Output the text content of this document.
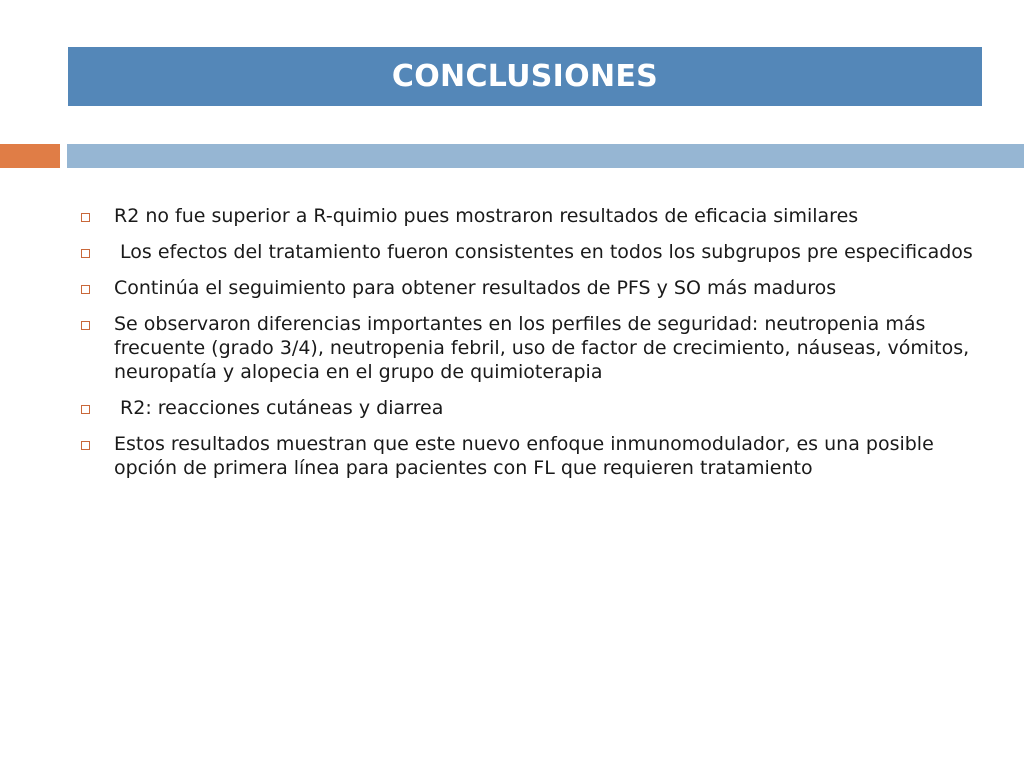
CONCLUSIONES
R2 no fue superior a R-quimio pues mostraron resultados de eficacia similares
Los efectos del tratamiento fueron consistentes en todos los subgrupos pre especificados
Continúa el seguimiento para obtener resultados de PFS y SO más maduros
Se observaron diferencias importantes en los perfiles de seguridad: neutropenia más frecuente (grado 3/4), neutropenia febril, uso de factor de crecimiento, náuseas, vómitos, neuropatía y alopecia en el grupo de quimioterapia
R2: reacciones cutáneas y diarrea
Estos resultados muestran que este nuevo enfoque inmunomodulador, es una posible opción de primera línea para pacientes con FL que requieren tratamiento
